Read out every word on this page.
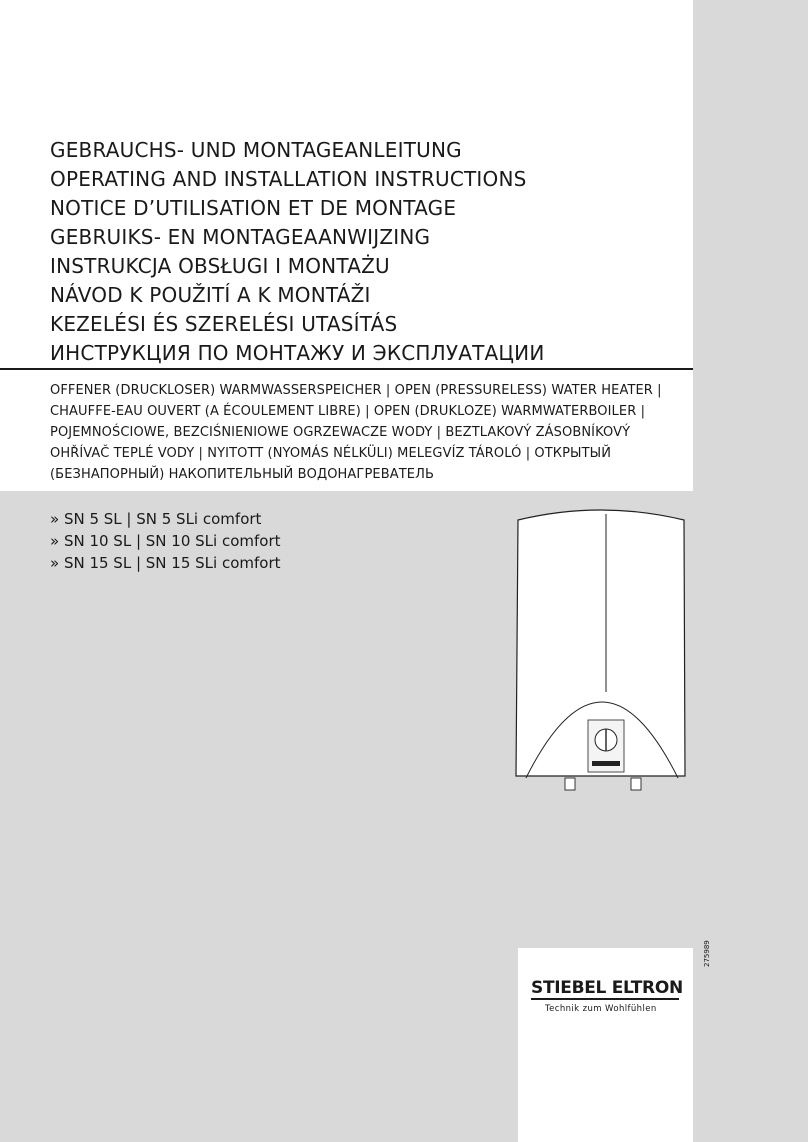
GEBRAUCHS- UND MONTAGEANLEITUNG
OPERATING AND INSTALLATION INSTRUCTIONS
NOTICE D’UTILISATION ET DE MONTAGE
GEBRUIKS- EN MONTAGEAANWIJZING
INSTRUKCJA OBSŁUGI I MONTAŻU
NÁVOD K POUŽITÍ A K MONTÁŽI
KEZELÉSI ÉS SZERELÉSI UTASÍTÁS
ИНСТРУКЦИЯ ПО МОНТАЖУ И ЭКСПЛУАТАЦИИ
OFFENER (DRUCKLOSER) WARMWASSERSPEICHER | OPEN (PRESSURELESS) WATER HEATER |
CHAUFFE-EAU OUVERT (A ÉCOULEMENT LIBRE) | OPEN (DRUKLOZE) WARMWATERBOILER |
POJEMNOŚCIOWE, BEZCIŚNIENIOWE OGRZEWACZE WODY | BEZTLAKOVÝ ZÁSOBNÍKOVÝ
OHŘÍVAČ TEPLÉ VODY | NYITOTT (NYOMÁS NÉLKÜLI) MELEGVÍZ TÁROLÓ | ОТКРЫТЫЙ
(БЕЗНАПОРНЫЙ) НАКОПИТЕЛЬНЫЙ ВОДОНАГРЕВАТЕЛЬ
» SN 5 SL | SN 5 SLi comfort
» SN 10 SL | SN 10 SLi comfort
» SN 15 SL | SN 15 SLi comfort
STIEBEL ELTRON
Technik zum Wohlfühlen
275989
